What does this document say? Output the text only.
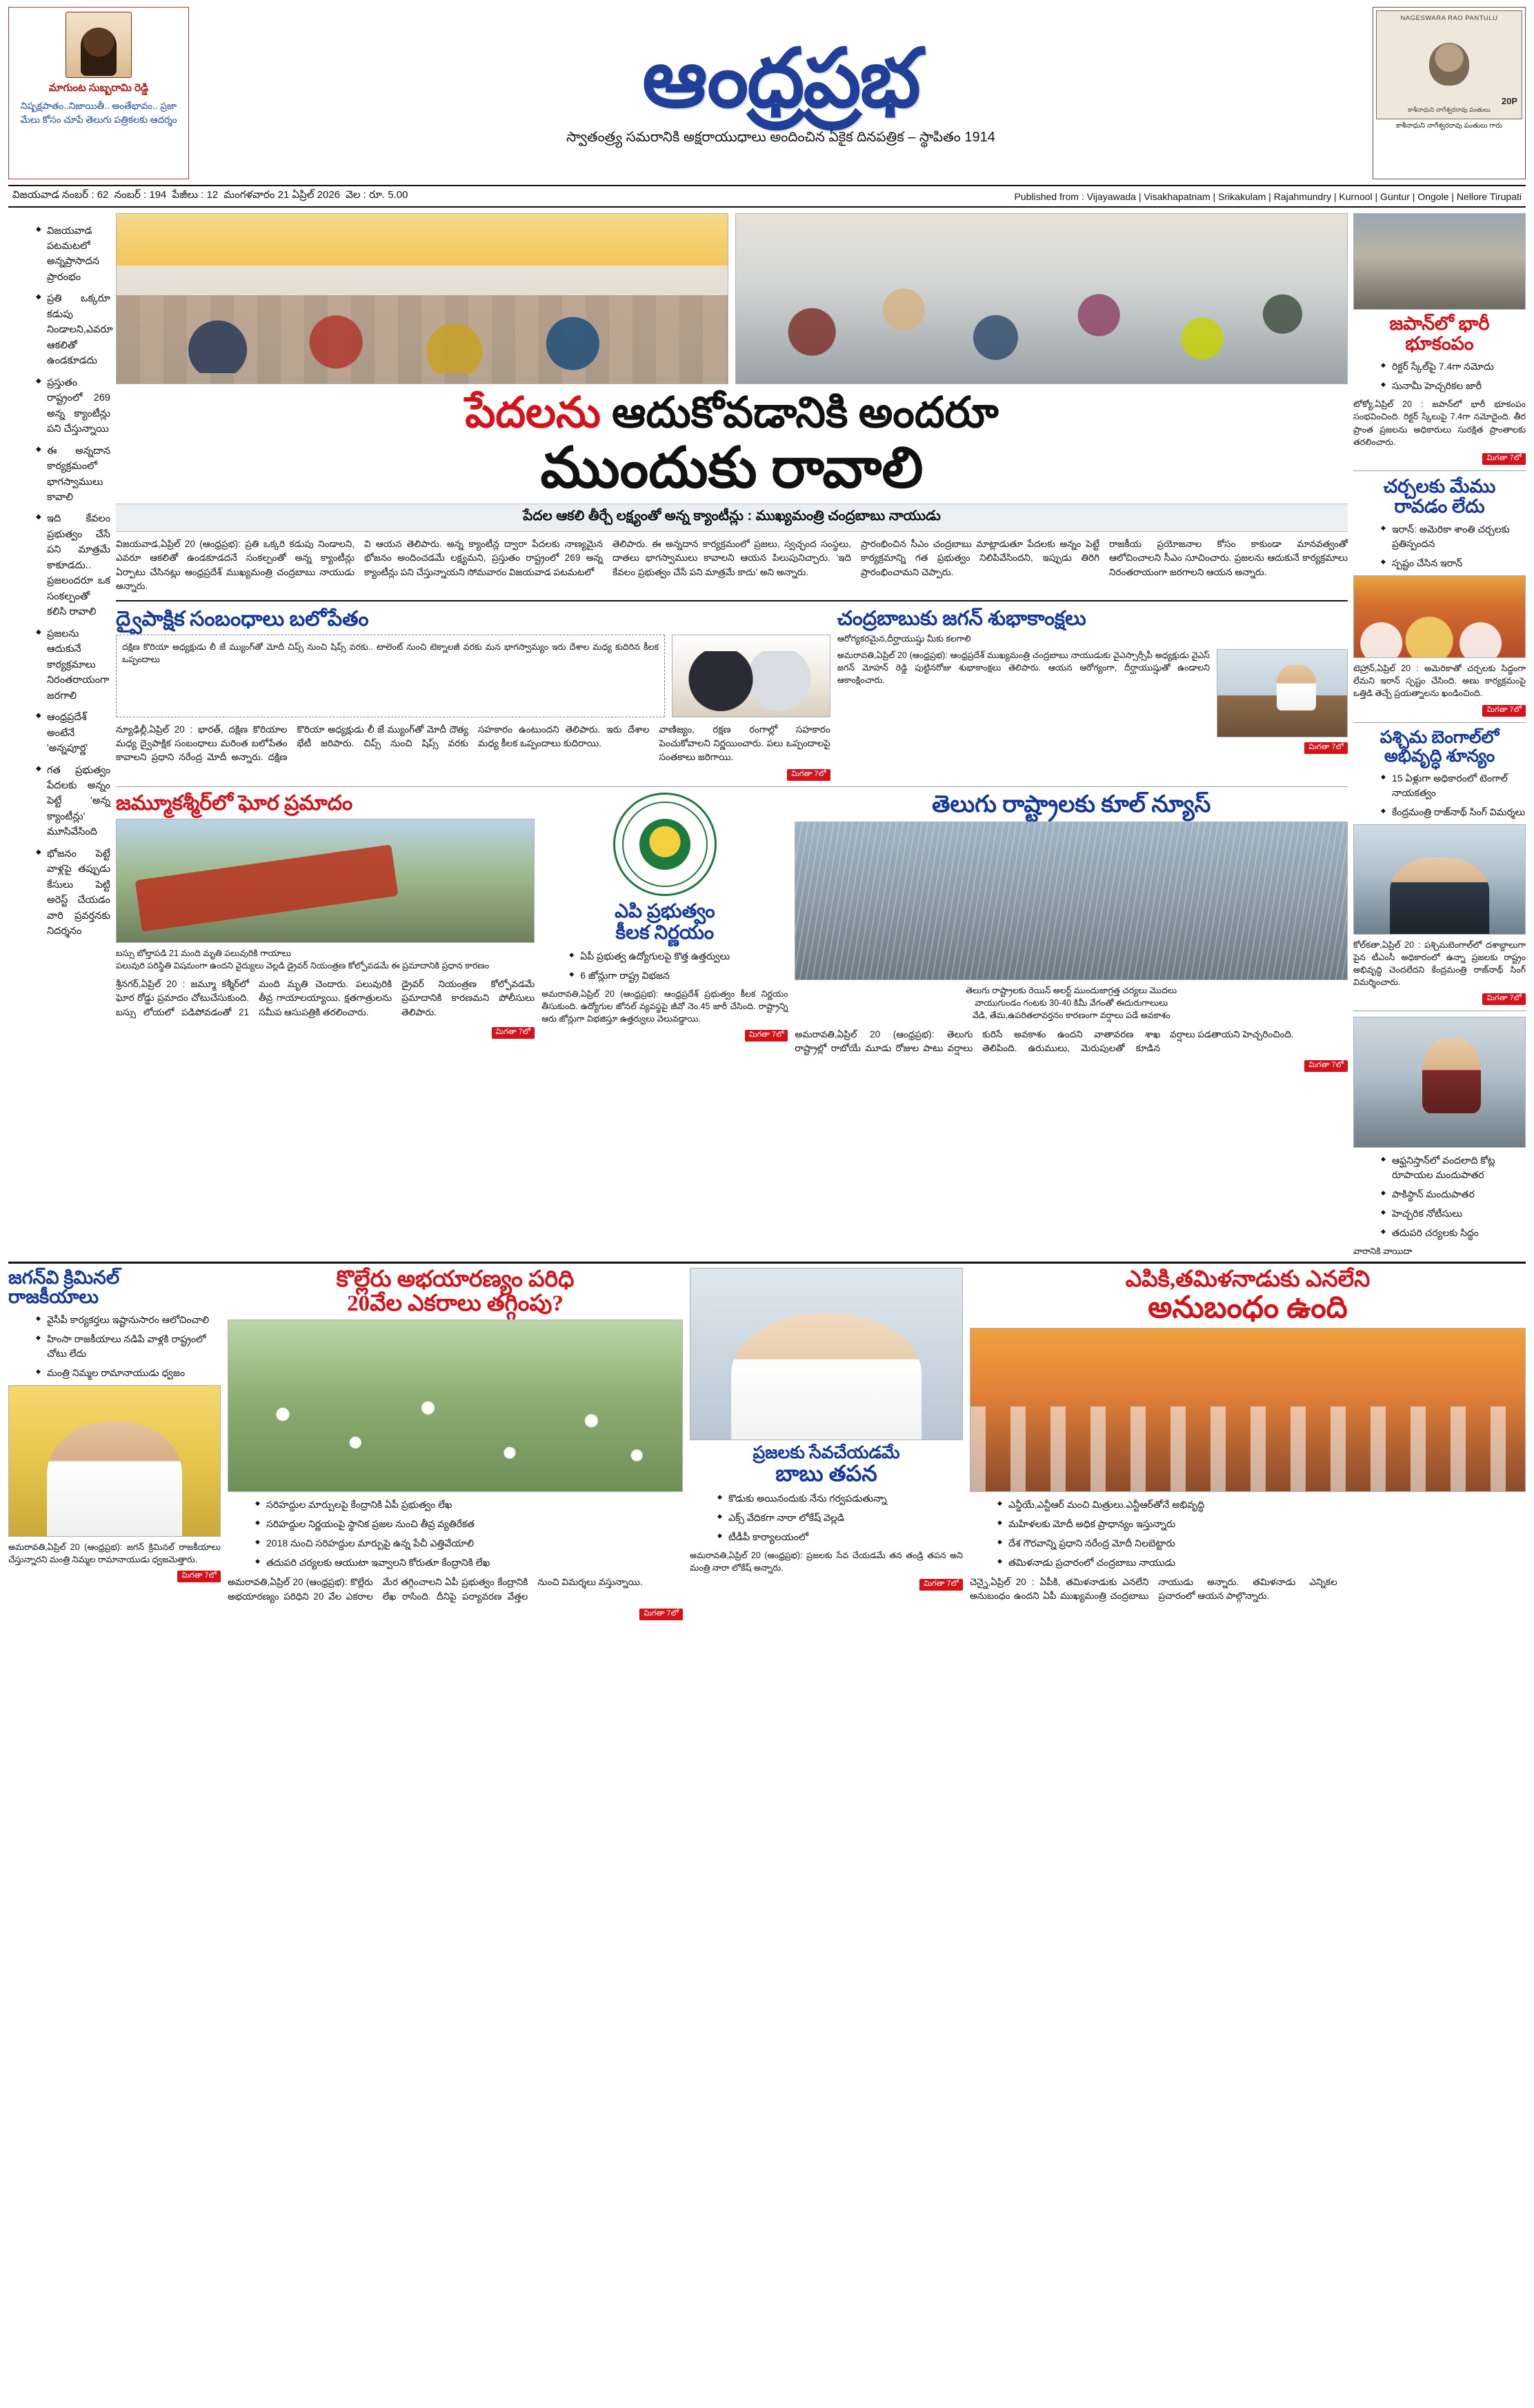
మాగుంట సుబ్బరామి రెడ్డి
నిష్పక్షపాతం..నిజాయితీ.. అంతేభావం.. ప్రజా మేలు కోసం చూపే తెలుగు పత్రికలకు ఆదర్శం	ఆంధ్రప్రభ
స్వాతంత్ర్య సమరానికి అక్షరాయుధాలు అందించిన ఏకైక దినపత్రిక – స్థాపితం 1914
NAGESWARA RAO PANTULU
20P
కాశీనాధుని నాగేశ్వరరావు పంతులు
కాశీనాధుని నాగేశ్వరరావు పంతులు గారు
విజయవాడ నంబర్ : 62 నంబర్ : 194 పేజీలు : 12 మంగళవారం 21 ఏప్రిల్ 2026 వెల : రూ. 5.00	Published from : Vijayawada | Visakhapatnam | Srikakulam | Rajahmundry | Kurnool | Guntur | Ongole | Nellore Tirupati
◆ విజయవాడ పటమటలో అన్నప్రాసాదన ప్రారంభం
◆ ప్రతి ఒక్కరూ కడుపు నిండాలని,ఎవరూ ఆకలితో ఉండకూడదు
◆ ప్రస్తుతం రాష్ట్రంలో 269 అన్న క్యాంటీన్లు పని చేస్తున్నాయి
◆ ఈ అన్నదాన కార్యక్రమంలో భాగస్వాములు కావాలి
◆ ఇది కేవలం ప్రభుత్వం చేసే పని మాత్రమే కాకూడదు.. ప్రజలందరూ ఒక సంకల్పంతో కలిసి రావాలి
◆ ప్రజలను ఆదుకునే కార్యక్రమాలు నిరంతరాయంగా జరగాలి
◆ ఆంధ్రప్రదేశ్ అంటేనే 'అన్నపూర్ణ'
◆ గత ప్రభుత్వం పేదలకు అన్నం పెట్టే 'అన్న క్యాంటీన్లు' మూసివేసింది
◆ భోజనం పెట్టే వాళ్లపై తప్పుడు కేసులు పెట్టి అరెస్ట్ చేయడం వారి ప్రవర్తనకు నిదర్శనం
పేదలను ఆదుకోవడానికి అందరూ
ముందుకు రావాలి
పేదల ఆకలి తీర్చే లక్ష్యంతో అన్న క్యాంటీన్లు : ముఖ్యమంత్రి చంద్రబాబు నాయుడు

విజయవాడ,ఏప్రిల్ 20 (ఆంధ్రప్రభ): ప్రతి ఒక్కరి కడుపు నిండాలని, ఎవరూ ఆకలితో ఉండకూడదనే సంకల్పంతో అన్న క్యాంటీన్లు ఏర్పాటు చేసినట్లు ఆంధ్రప్రదేశ్ ముఖ్యమంత్రి చంద్రబాబు నాయుడు అన్నారు.

వి ఆయన తెలిపారు. అన్న క్యాంటీన్ల ద్వారా పేదలకు నాణ్యమైన భోజనం అందించడమే లక్ష్యమని, ప్రస్తుతం రాష్ట్రంలో 269 అన్న క్యాంటీన్లు పని చేస్తున్నాయని సోమవారం విజయవాడ పటమటలో

తెలిపారు. ఈ అన్నదాన కార్యక్రమంలో ప్రజలు, స్వచ్ఛంద సంస్థలు, దాతలు భాగస్వాములు కావాలని ఆయన పిలుపునిచ్చారు. 'ఇది కేవలం ప్రభుత్వం చేసే పని మాత్రమే కాదు' అని అన్నారు.

ప్రారంభించిన సీఎం చంద్రబాబు మాట్లాడుతూ పేదలకు అన్నం పెట్టే కార్యక్రమాన్ని గత ప్రభుత్వం నిలిపివేసిందని, ఇప్పుడు తిరిగి ప్రారంభించామని చెప్పారు.

రాజకీయ ప్రయోజనాల కోసం కాకుండా మానవత్వంతో ఆలోచించాలని సీఎం సూచించారు. ప్రజలను ఆదుకునే కార్యక్రమాలు నిరంతరాయంగా జరగాలని ఆయన అన్నారు.

ద్వైపాక్షిక సంబంధాలు బలోపేతం
దక్షిణ కొరియా అధ్యక్షుడు లీ జే మ్యుంగ్‌తో మోదీ చిప్స్ నుంచి షిప్స్ వరకు.. టాలెంట్ నుంచి టెక్నాలజీ వరకు మన భాగస్వామ్యం ఇరు దేశాల మధ్య కుదిరిన కీలక ఒప్పందాలు

న్యూఢిల్లీ,ఏప్రిల్ 20 : భారత్, దక్షిణ కొరియాల మధ్య ద్వైపాక్షిక సంబంధాలు మరింత బలోపేతం కావాలని ప్రధాని నరేంద్ర మోదీ అన్నారు. దక్షిణ కొరియా అధ్యక్షుడు లీ జే మ్యుంగ్‌తో మోదీ దౌత్య భేటీ జరిపారు. చిప్స్ నుంచి షిప్స్ వరకు సహకారం ఉంటుందని తెలిపారు. ఇరు దేశాల మధ్య కీలక ఒప్పందాలు కుదిరాయి.

వాణిజ్యం, రక్షణ రంగాల్లో సహకారం పెంచుకోవాలని నిర్ణయించారు. పలు ఒప్పందాలపై సంతకాలు జరిగాయి.

మిగతా 7లో
చంద్రబాబుకు జగన్ శుభాకాంక్షలు
ఆరోగ్యకరమైన,దీర్ఘాయుష్షు మీకు కలగాలి
అమరావతి,ఏప్రిల్ 20 (ఆంధ్రప్రభ): ఆంధ్రప్రదేశ్ ముఖ్యమంత్రి చంద్రబాబు నాయుడుకు వైఎస్సార్సీపీ అధ్యక్షుడు వైఎస్ జగన్ మోహన్ రెడ్డి పుట్టినరోజు శుభాకాంక్షలు తెలిపారు. ఆయన ఆరోగ్యంగా, దీర్ఘాయుష్షుతో ఉండాలని ఆకాంక్షించారు.
మిగతా 7లో
జమ్మూకశ్మీర్‌లో ఘోర ప్రమాదం
బస్సు బోల్తాపడి 21 మంది మృతి పలువురికి గాయాలు
పలువురి పరిస్థితి విషమంగా ఉందని వైద్యులు వెల్లడి డ్రైవర్ నియంత్రణ కోల్పోవడమే ఈ ప్రమాదానికి ప్రధాన కారణం

శ్రీనగర్,ఏప్రిల్ 20 : జమ్మూ కశ్మీర్‌లో ఘోర రోడ్డు ప్రమాదం చోటుచేసుకుంది. బస్సు లోయలో పడిపోవడంతో 21 మంది మృతి చెందారు. పలువురికి తీవ్ర గాయాలయ్యాయి. క్షతగాత్రులను సమీప ఆసుపత్రికి తరలించారు.

డ్రైవర్ నియంత్రణ కోల్పోవడమే ప్రమాదానికి కారణమని పోలీసులు తెలిపారు.

మిగతా 7లో
ఎపి ప్రభుత్వం
కీలక నిర్ణయం
◆ ఏపీ ప్రభుత్వ ఉద్యోగులపై కొత్త ఉత్తర్వులు
◆ 6 జోన్లుగా రాష్ట్ర విభజన
అమరావతి,ఏప్రిల్ 20 (ఆంధ్రప్రభ): ఆంధ్రప్రదేశ్ ప్రభుత్వం కీలక నిర్ణయం తీసుకుంది. ఉద్యోగుల జోనల్ వ్యవస్థపై జీవో నెం.45 జారీ చేసింది. రాష్ట్రాన్ని ఆరు జోన్లుగా విభజిస్తూ ఉత్తర్వులు వెలువడ్డాయి.
మిగతా 7లో
తెలుగు రాష్ట్రాలకు కూల్ న్యూస్
తెలుగు రాష్ట్రాలకు రెయిన్ అలర్ట్ ముందుజాగ్రత్త చర్యలు మొదలు
వాయుగుండం గంటకు 30-40 కిమీ వేగంతో ఈదురుగాలులు
వేడి, తేమ,ఉపరితలావర్తనం కారణంగా వర్షాలు పడే అవకాశం

అమరావతి,ఏప్రిల్ 20 (ఆంధ్రప్రభ): తెలుగు రాష్ట్రాల్లో రాబోయే మూడు రోజుల పాటు వర్షాలు కురిసే అవకాశం ఉందని వాతావరణ శాఖ తెలిపింది. ఉరుములు, మెరుపులతో కూడిన వర్షాలు పడతాయని హెచ్చరించింది.

మిగతా 7లో
జపాన్‌లో భారీ
భూకంపం
◆ రిక్టర్ స్కేల్‌పై 7.4గా నమోదు
◆ సునామీ హెచ్చరికల జారీ
టోక్యో,ఏప్రిల్ 20 : జపాన్‌లో భారీ భూకంపం సంభవించింది. రిక్టర్ స్కేలుపై 7.4గా నమోదైంది. తీర ప్రాంత ప్రజలను అధికారులు సురక్షిత ప్రాంతాలకు తరలించారు.
మిగతా 7లో
చర్చలకు మేము
రావడం లేదు
◆ ఇరాన్‌: అమెరికా శాంతి చర్చలకు ప్రతిస్పందన
◆ స్పష్టం చేసిన ఇరాన్
టెహ్రాన్,ఏప్రిల్ 20 : అమెరికాతో చర్చలకు సిద్ధంగా లేమని ఇరాన్ స్పష్టం చేసింది. అణు కార్యక్రమంపై ఒత్తిడి తెచ్చే ప్రయత్నాలను ఖండించింది.
మిగతా 7లో
పశ్చిమ బెంగాల్‌లో
అభివృద్ధి శూన్యం
◆ 15 ఏళ్లుగా అధికారంలో టెంగాల్ నాయకత్వం
◆ కేంద్రమంత్రి రాజ్‌నాథ్ సింగ్ విమర్శలు
కోల్‌కతా,ఏప్రిల్ 20 : పశ్చిమబెంగాల్‌లో దశాబ్దాలుగా పైన టీఎంసీ అధికారంలో ఉన్నా ప్రజలకు రాష్ట్రం అభివృద్ధి చెందలేదని కేంద్రమంత్రి రాజ్‌నాథ్ సింగ్ విమర్శించారు.
మిగతా 7లో
◆ ఆఫ్ఘనిస్తాన్‌లో వందలాది కోట్ల రూపాయల మందుపాతర
◆ పాకిస్థాన్ మందుపాతర
◆ హెచ్చరిక నోటీసులు
◆ తదుపరి చర్యలకు సిద్ధం
వారానికి వాయిదా
జగన్‌వి క్రిమినల్
రాజకీయాలు
◆ వైసీపీ కార్యకర్తలు ఇష్టానుసారం ఆలోచించాలి
◆ హింసా రాజకీయాలు నడిపే వాళ్లకి రాష్ట్రంలో చోటు లేదు
◆ మంత్రి నిమ్మల రామానాయుడు ధ్వజం
అమరావతి,ఏప్రిల్ 20 (ఆంధ్రప్రభ): జగన్ క్రిమినల్ రాజకీయాలు చేస్తున్నారని మంత్రి నిమ్మల రామానాయుడు ధ్వజమెత్తారు.
మిగతా 7లో
కొల్లేరు అభయారణ్యం పరిధి
20వేల ఎకరాలు తగ్గింపు?
◆ సరిహద్దుల మార్పులపై కేంద్రానికి ఏపీ ప్రభుత్వం లేఖ
◆ సరిహద్దుల నిర్ణయంపై స్థానిక ప్రజల నుంచి తీవ్ర వ్యతిరేకత
◆ 2018 నుంచి సరిహద్దుల మార్పుపై ఉన్న పేచీ ఎత్తివేయాలి
◆ తదుపరి చర్యలకు ఆయుటా ఇవ్వాలని కోరుతూ కేంద్రానికి లేఖ

అమరావతి,ఏప్రిల్ 20 (ఆంధ్రప్రభ): కొల్లేరు అభయారణ్యం పరిధిని 20 వేల ఎకరాల మేర తగ్గించాలని ఏపీ ప్రభుత్వం కేంద్రానికి లేఖ రాసింది. దీనిపై పర్యావరణ వేత్తల నుంచి విమర్శలు వస్తున్నాయి.

మిగతా 7లో
ప్రజలకు సేవచేయడమే
బాబు తపన
◆ కొడుకు అయినందుకు నేను గర్వపడుతున్నా
◆ ఎక్స్ వేదికగా నారా లోకేష్ వెల్లడి
◆ టీడీపీ కార్యాలయంలో
అమరావతి,ఏప్రిల్ 20 (ఆంధ్రప్రభ): ప్రజలకు సేవ చేయడమే తన తండ్రి తపన అని మంత్రి నారా లోకేష్ అన్నారు.
మిగతా 7లో
ఎపికి,తమిళనాడుకు ఎనలేని
అనుబంధం ఉంది
◆ ఎన్డీయే,ఎన్టీఆర్ మంచి మిత్రులు.ఎన్టీఆర్‌తోనే అభివృద్ధి
◆ మహిళలకు మోదీ అధిక ప్రాధాన్యం ఇస్తున్నారు
◆ దేశ గౌరవాన్ని ప్రధాని నరేంద్ర మోదీ నిలబెట్టారు
◆ తమిళనాడు ప్రచారంలో చంద్రబాబు నాయుడు

చెన్నై,ఏప్రిల్ 20 : ఏపీకి, తమిళనాడుకు ఎనలేని అనుబంధం ఉందని ఏపీ ముఖ్యమంత్రి చంద్రబాబు నాయుడు అన్నారు. తమిళనాడు ఎన్నికల ప్రచారంలో ఆయన పాల్గొన్నారు.
